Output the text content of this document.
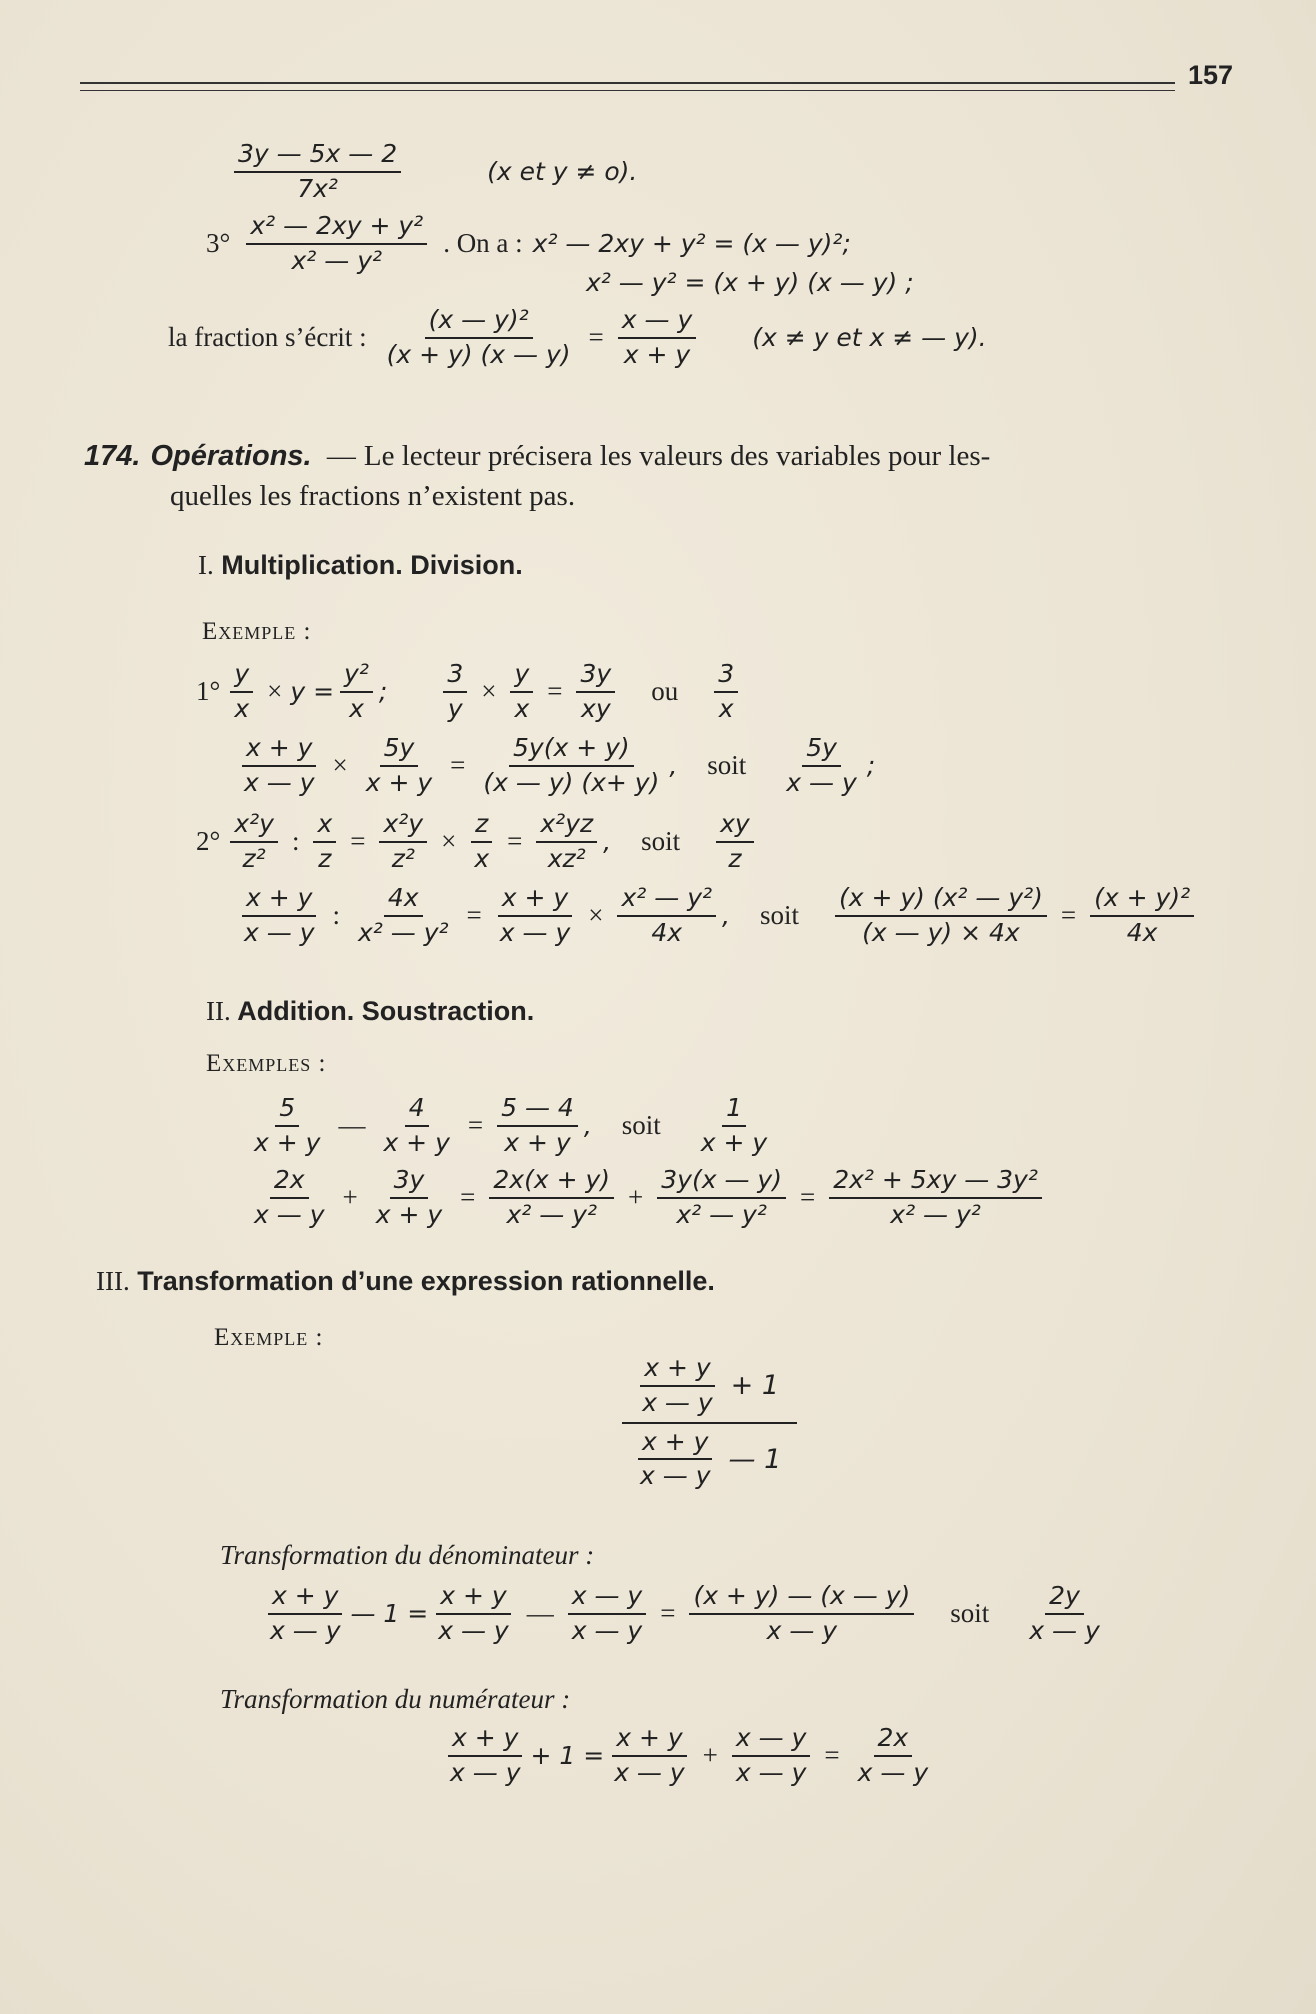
157
$\frac{3y — 5x — 2}{\text{7x²}}$	(x et y ≠ o).
$3^\circ \frac{\text{x² — 2xy + y²}}{\text{x² — y²}}$ . On a : x² — 2xy + y² = (x — y)²;
x² — y² = (x + y) (x — y) ;
la fraction s’écrit : $\frac{\text{(x — y)²}}{(x + y) (x — y)} = \frac{x — y}{x + y} (x \ne y$ et x ≠ — y).
174. Opérations. — Le lecteur précisera les valeurs des variables pour les-
quelles les fractions n’existent pas.
I. Multiplication. Division.
Exemple :
$1^\circ \frac{y}{x} \times y = \frac{\text{y²}}{x}$ ; $\frac{3}{y} \times \frac{y}{x} = \frac{3y}{xy}$ ou $\frac{3}{x}$
$\frac{x + y}{x — y} \times \frac{5y}{x + y} = \frac{5y(x + y)}{(x — y) (x+ y)}$ , soit $\frac{5y}{x — y}$ ;
$2^\circ \frac{\text{x²y}}{\text{z²}}$ : $\frac{x}{z} = \frac{\text{x²y}}{\text{z²}} \times \frac{z}{x} = \frac{\text{x²yz}}{\text{xz²}}$ , soit $\frac{xy}{z}$
$\frac{x + y}{x — y}$ : $\frac{4x}{\text{x² — y²}} = \frac{x + y}{x — y} \times \frac{\text{x² — y²}}{4x}$ , soit $\frac{\text{(x + y) (x² — y²)}}{(x — y) \times 4x} = \frac{\text{(x + y)²}}{4x}$
II. Addition. Soustraction.
Exemples :
$\frac{5}{x + y}$ — $\frac{4}{x + y} = \frac{5 — 4}{x + y}$ , soit $\frac{1}{x + y}$
$\frac{2x}{x — y} + \frac{3y}{x + y} = \frac{2x(x + y)}{\text{x² — y²}} + \frac{3y(x — y)}{\text{x² — y²}} = \frac{\text{2x² + 5xy — 3y²}}{\text{x² — y²}}$
III. Transformation d’une expression rationnelle.
Exemple :
$\frac{x + y}{x — y} + 1$
$\frac{x + y}{x — y}$ — 1
Transformation du dénominateur :
$\frac{x + y}{x — y}$ — $1 = \frac{x + y}{x — y}$ — $\frac{x — y}{x — y} = \frac{(x + y) — (x — y)}{x — y}$ soit $\frac{2y}{x — y}$
Transformation du numérateur :
$\frac{x + y}{x — y} + 1 = \frac{x + y}{x — y} + \frac{x — y}{x — y} = \frac{2x}{x — y}$
